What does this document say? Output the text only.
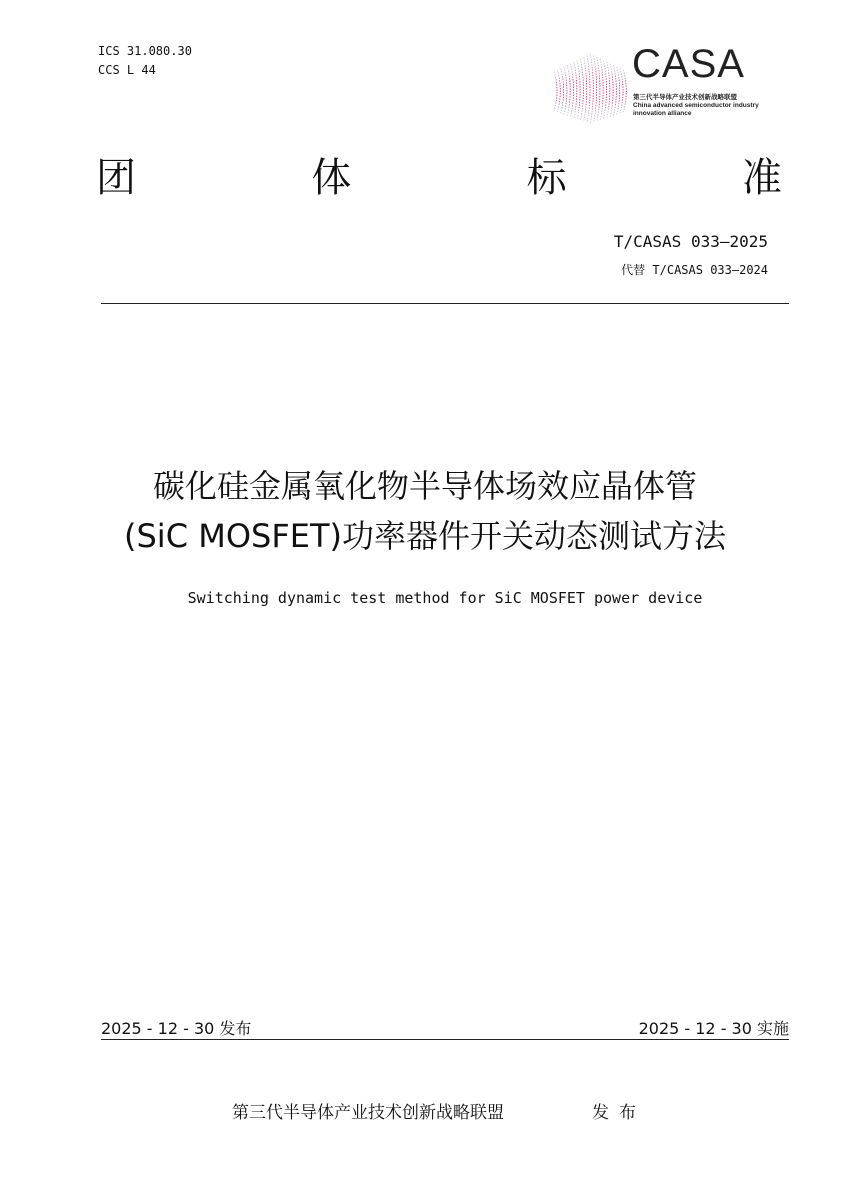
ICS 31.080.30
CCS L 44	CASA
第三代半导体产业技术创新战略联盟
China advanced semiconductor industry
innovation alliance
团	体	标	准
T/CASAS 033—2025
代替 T/CASAS 033—2024
碳化硅金属氧化物半导体场效应晶体管
(SiC MOSFET)功率器件开关动态测试方法
Switching dynamic test method for SiC MOSFET power device
2025 - 12 - 30 发布	2025 - 12 - 30 实施
第三代半导体产业技术创新战略联盟	发布
